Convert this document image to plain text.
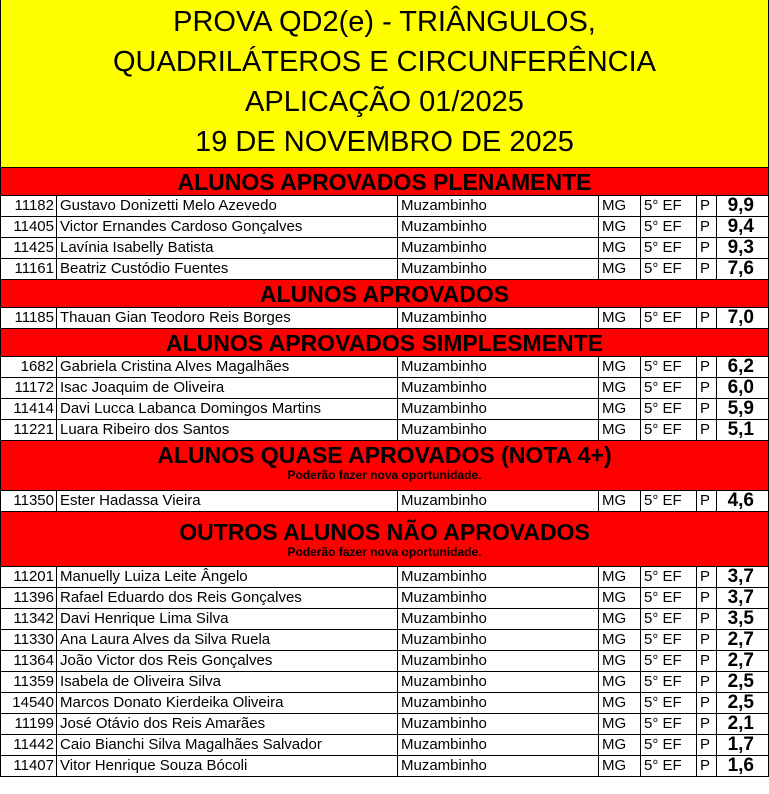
PROVA QD2(e) - TRIÂNGULOS,
QUADRILÁTEROS E CIRCUNFERÊNCIA
APLICAÇÃO 01/2025
19 DE NOVEMBRO DE 2025
ALUNOS APROVADOS PLENAMENTE
11182 Gustavo Donizetti Melo Azevedo	Muzambinho	MG	5° EF	P 9,9
11405 Victor Ernandes Cardoso Gonçalves	Muzambinho	MG	5° EF	P 9,4
11425 Lavínia Isabelly Batista	Muzambinho	MG	5° EF	P 9,3
11161 Beatriz Custódio Fuentes	Muzambinho	MG	5° EF	P 7,6
ALUNOS APROVADOS
11185 Thauan Gian Teodoro Reis Borges	Muzambinho	MG	5° EF	P 7,0
ALUNOS APROVADOS SIMPLESMENTE
1682 Gabriela Cristina Alves Magalhães	Muzambinho	MG	5° EF	P 6,2
11172 Isac Joaquim de Oliveira	Muzambinho	MG	5° EF	P 6,0
11414 Davi Lucca Labanca Domingos Martins	Muzambinho	MG	5° EF	P 5,9
11221 Luara Ribeiro dos Santos	Muzambinho	MG	5° EF	P 5,1
ALUNOS QUASE APROVADOS (NOTA 4+)
Poderão fazer nova oportunidade.
11350 Ester Hadassa Vieira	Muzambinho	MG	5° EF	P 4,6
OUTROS ALUNOS NÃO APROVADOS
Poderão fazer nova oportunidade.
11201 Manuelly Luiza Leite Ângelo	Muzambinho	MG	5° EF	P 3,7
11396 Rafael Eduardo dos Reis Gonçalves	Muzambinho	MG	5° EF	P 3,7
11342 Davi Henrique Lima Silva	Muzambinho	MG	5° EF	P 3,5
11330 Ana Laura Alves da Silva Ruela	Muzambinho	MG	5° EF	P 2,7
11364 João Victor dos Reis Gonçalves	Muzambinho	MG	5° EF	P 2,7
11359 Isabela de Oliveira Silva	Muzambinho	MG	5° EF	P 2,5
14540 Marcos Donato Kierdeika Oliveira	Muzambinho	MG	5° EF	P 2,5
11199 José Otávio dos Reis Amarães	Muzambinho	MG	5° EF	P 2,1
11442 Caio Bianchi Silva Magalhães Salvador	Muzambinho	MG	5° EF	P 1,7
11407 Vitor Henrique Souza Bócoli	Muzambinho	MG	5° EF	P 1,6
